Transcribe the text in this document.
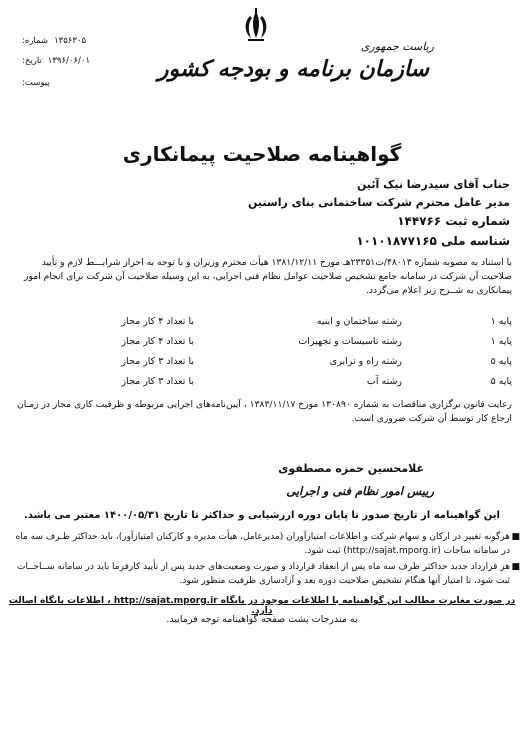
شماره: ۱۳۵۶۳۰۵
تاریخ: ۱۳۹۶/۰۶/۰۱
پیوست:
ریاست جمهوری
سازمان برنامه و بودجه کشور
گواهینامه صلاحیت پیمانکاری
جناب آقای سیدرضا نیک آئین
مدیر عامل محترم شرکت ساختمانی بنای راستین
شماره ثبت ۱۴۴۷۶۶
شناسه ملی ۱۰۱۰۱۸۷۷۱۶۵
با استناد به مصوبه شماره ۴۸۰۱۳/ت۲۳۳۵۱هـ مورخ ۱۳۸۱/۱۲/۱۱ هیأت محترم وزیران و با توجه به احراز شرایـــط لازم و تأیید صلاحیت آن شرکت در سامانه جامع تشخیص صلاحیت عوامل نظام فنی اجرایی، به این وسیله صلاحیت آن شرکت برای انجام امور پیمانکاری به شــرح زیر اعلام می‌گردد.
پایه ۱
رشته ساختمان و ابنیه
با تعداد ۴ کار مجاز
پایه ۱
رشته تاسیسات و تجهیزات
با تعداد ۴ کار مجاز
پایه ۵
رشته راه و ترابری
با تعداد ۳ کار مجاز
پایه ۵
رشته آب
با تعداد ۳ کار مجاز
رعایت قانون برگزاری مناقصات به شماره ۱۳۰۸۹۰ مورخ ۱۳۸۳/۱۱/۱۷ ، آیین‌نامه‌های اجرایی مربوطه و ظرفیت کاری مجاز در زمـان ارجاع کار توسط آن شرکت ضروری است.
غلامحسین حمزه مصطفوی
رییس امور نظام فنی و اجرایی
این گواهینامه از تاریخ صدور تا پایان دوره ارزشیابی و حداکثر تا تاریخ ۱۴۰۰/۰۵/۳۱ معتبر می باشد.
■
هرگونه تغییر در ارکان و سهام شرکت و اطلاعات امتیازآوران (مدیرعامل، هیأت مدیره و کارکنان امتیازآور)، باید حداکثر ظـرف سه ماه در سامانه ساجات (http://sajat.mporg.ir) ثبت شود.
■
هر قرارداد جدید حداکثر ظرف سه ماه پس از انعقاد قرارداد و صورت وضعیت‌های جدید پس از تأیید کارفرما باید در سامانه ســاجــات ثبت شود، تا امتیاز آنها هنگام تشخیص صلاحیت دوره بعد و آزادسازی ظرفیت منظور شود.
در صورت مغایرت مطالب این گواهینامه با اطلاعات موجود در پایگاه http://sajat.mporg.ir ، اطلاعات پایگاه اصالت دارد.
به مندرجات پشت صفحه گواهینامه توجه فرمایید.
